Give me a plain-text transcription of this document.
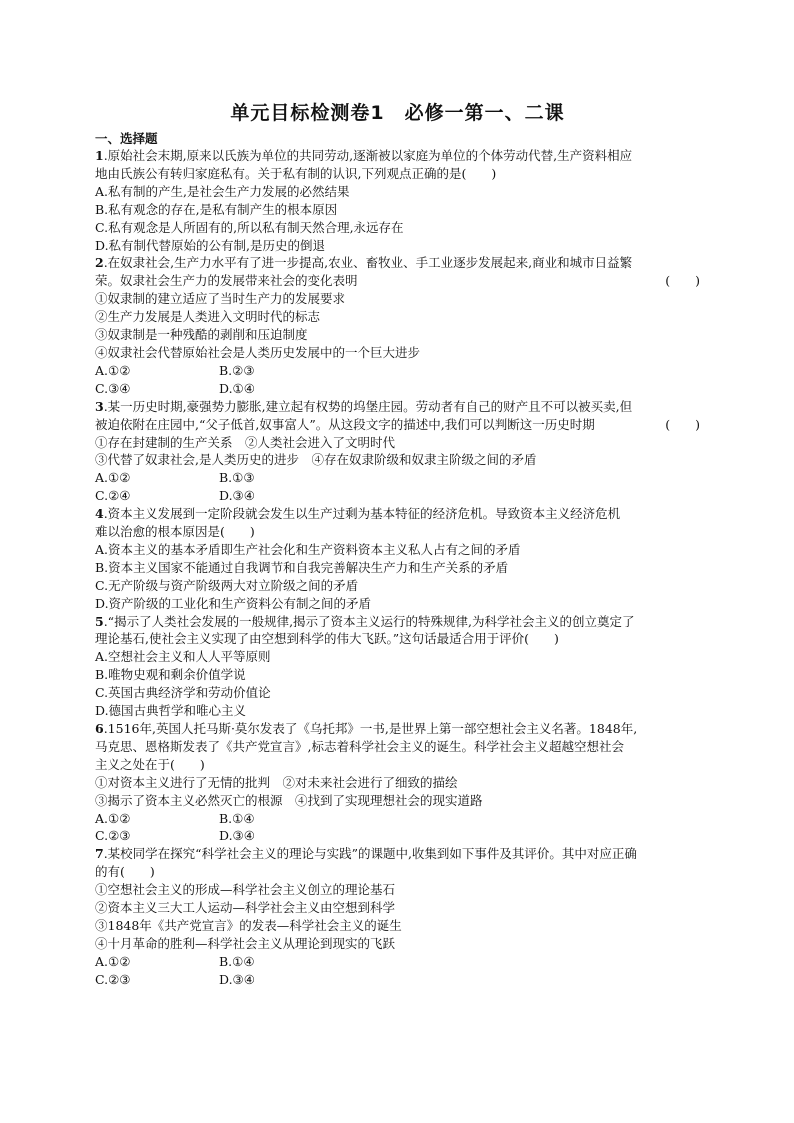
单元目标检测卷1　必修一第一、二课
一、选择题
1.原始社会末期,原来以氏族为单位的共同劳动,逐渐被以家庭为单位的个体劳动代替,生产资料相应
地由氏族公有转归家庭私有。关于私有制的认识,下列观点正确的是(　　)
A.私有制的产生,是社会生产力发展的必然结果
B.私有观念的存在,是私有制产生的根本原因
C.私有观念是人所固有的,所以私有制天然合理,永远存在
D.私有制代替原始的公有制,是历史的倒退
2.在奴隶社会,生产力水平有了进一步提高,农业、畜牧业、手工业逐步发展起来,商业和城市日益繁
荣。奴隶社会生产力的发展带来社会的变化表明	(　　)
①奴隶制的建立适应了当时生产力的发展要求
②生产力发展是人类进入文明时代的标志
③奴隶制是一种残酷的剥削和压迫制度
④奴隶社会代替原始社会是人类历史发展中的一个巨大进步
A.①②	B.②③
C.③④	D.①④
3.某一历史时期,豪强势力膨胀,建立起有权势的坞堡庄园。劳动者有自己的财产且不可以被买卖,但
被迫依附在庄园中,“父子低首,奴事富人”。从这段文字的描述中,我们可以判断这一历史时期	(　　)
①存在封建制的生产关系　②人类社会进入了文明时代
③代替了奴隶社会,是人类历史的进步　④存在奴隶阶级和奴隶主阶级之间的矛盾
A.①②	B.①③
C.②④	D.③④
4.资本主义发展到一定阶段就会发生以生产过剩为基本特征的经济危机。导致资本主义经济危机
难以治愈的根本原因是(　　)
A.资本主义的基本矛盾即生产社会化和生产资料资本主义私人占有之间的矛盾
B.资本主义国家不能通过自我调节和自我完善解决生产力和生产关系的矛盾
C.无产阶级与资产阶级两大对立阶级之间的矛盾
D.资产阶级的工业化和生产资料公有制之间的矛盾
5.“揭示了人类社会发展的一般规律,揭示了资本主义运行的特殊规律,为科学社会主义的创立奠定了
理论基石,使社会主义实现了由空想到科学的伟大飞跃。”这句话最适合用于评价(　　)
A.空想社会主义和人人平等原则
B.唯物史观和剩余价值学说
C.英国古典经济学和劳动价值论
D.德国古典哲学和唯心主义
6.1516年,英国人托马斯·莫尔发表了《乌托邦》一书,是世界上第一部空想社会主义名著。1848年,
马克思、恩格斯发表了《共产党宣言》,标志着科学社会主义的诞生。科学社会主义超越空想社会
主义之处在于(　　)
①对资本主义进行了无情的批判　②对未来社会进行了细致的描绘
③揭示了资本主义必然灭亡的根源　④找到了实现理想社会的现实道路
A.①②	B.①④
C.②③	D.③④
7.某校同学在探究“科学社会主义的理论与实践”的课题中,收集到如下事件及其评价。其中对应正确
的有(　　)
①空想社会主义的形成—科学社会主义创立的理论基石
②资本主义三大工人运动—科学社会主义由空想到科学
③1848年《共产党宣言》的发表—科学社会主义的诞生
④十月革命的胜利—科学社会主义从理论到现实的飞跃
A.①②	B.①④
C.②③	D.③④
